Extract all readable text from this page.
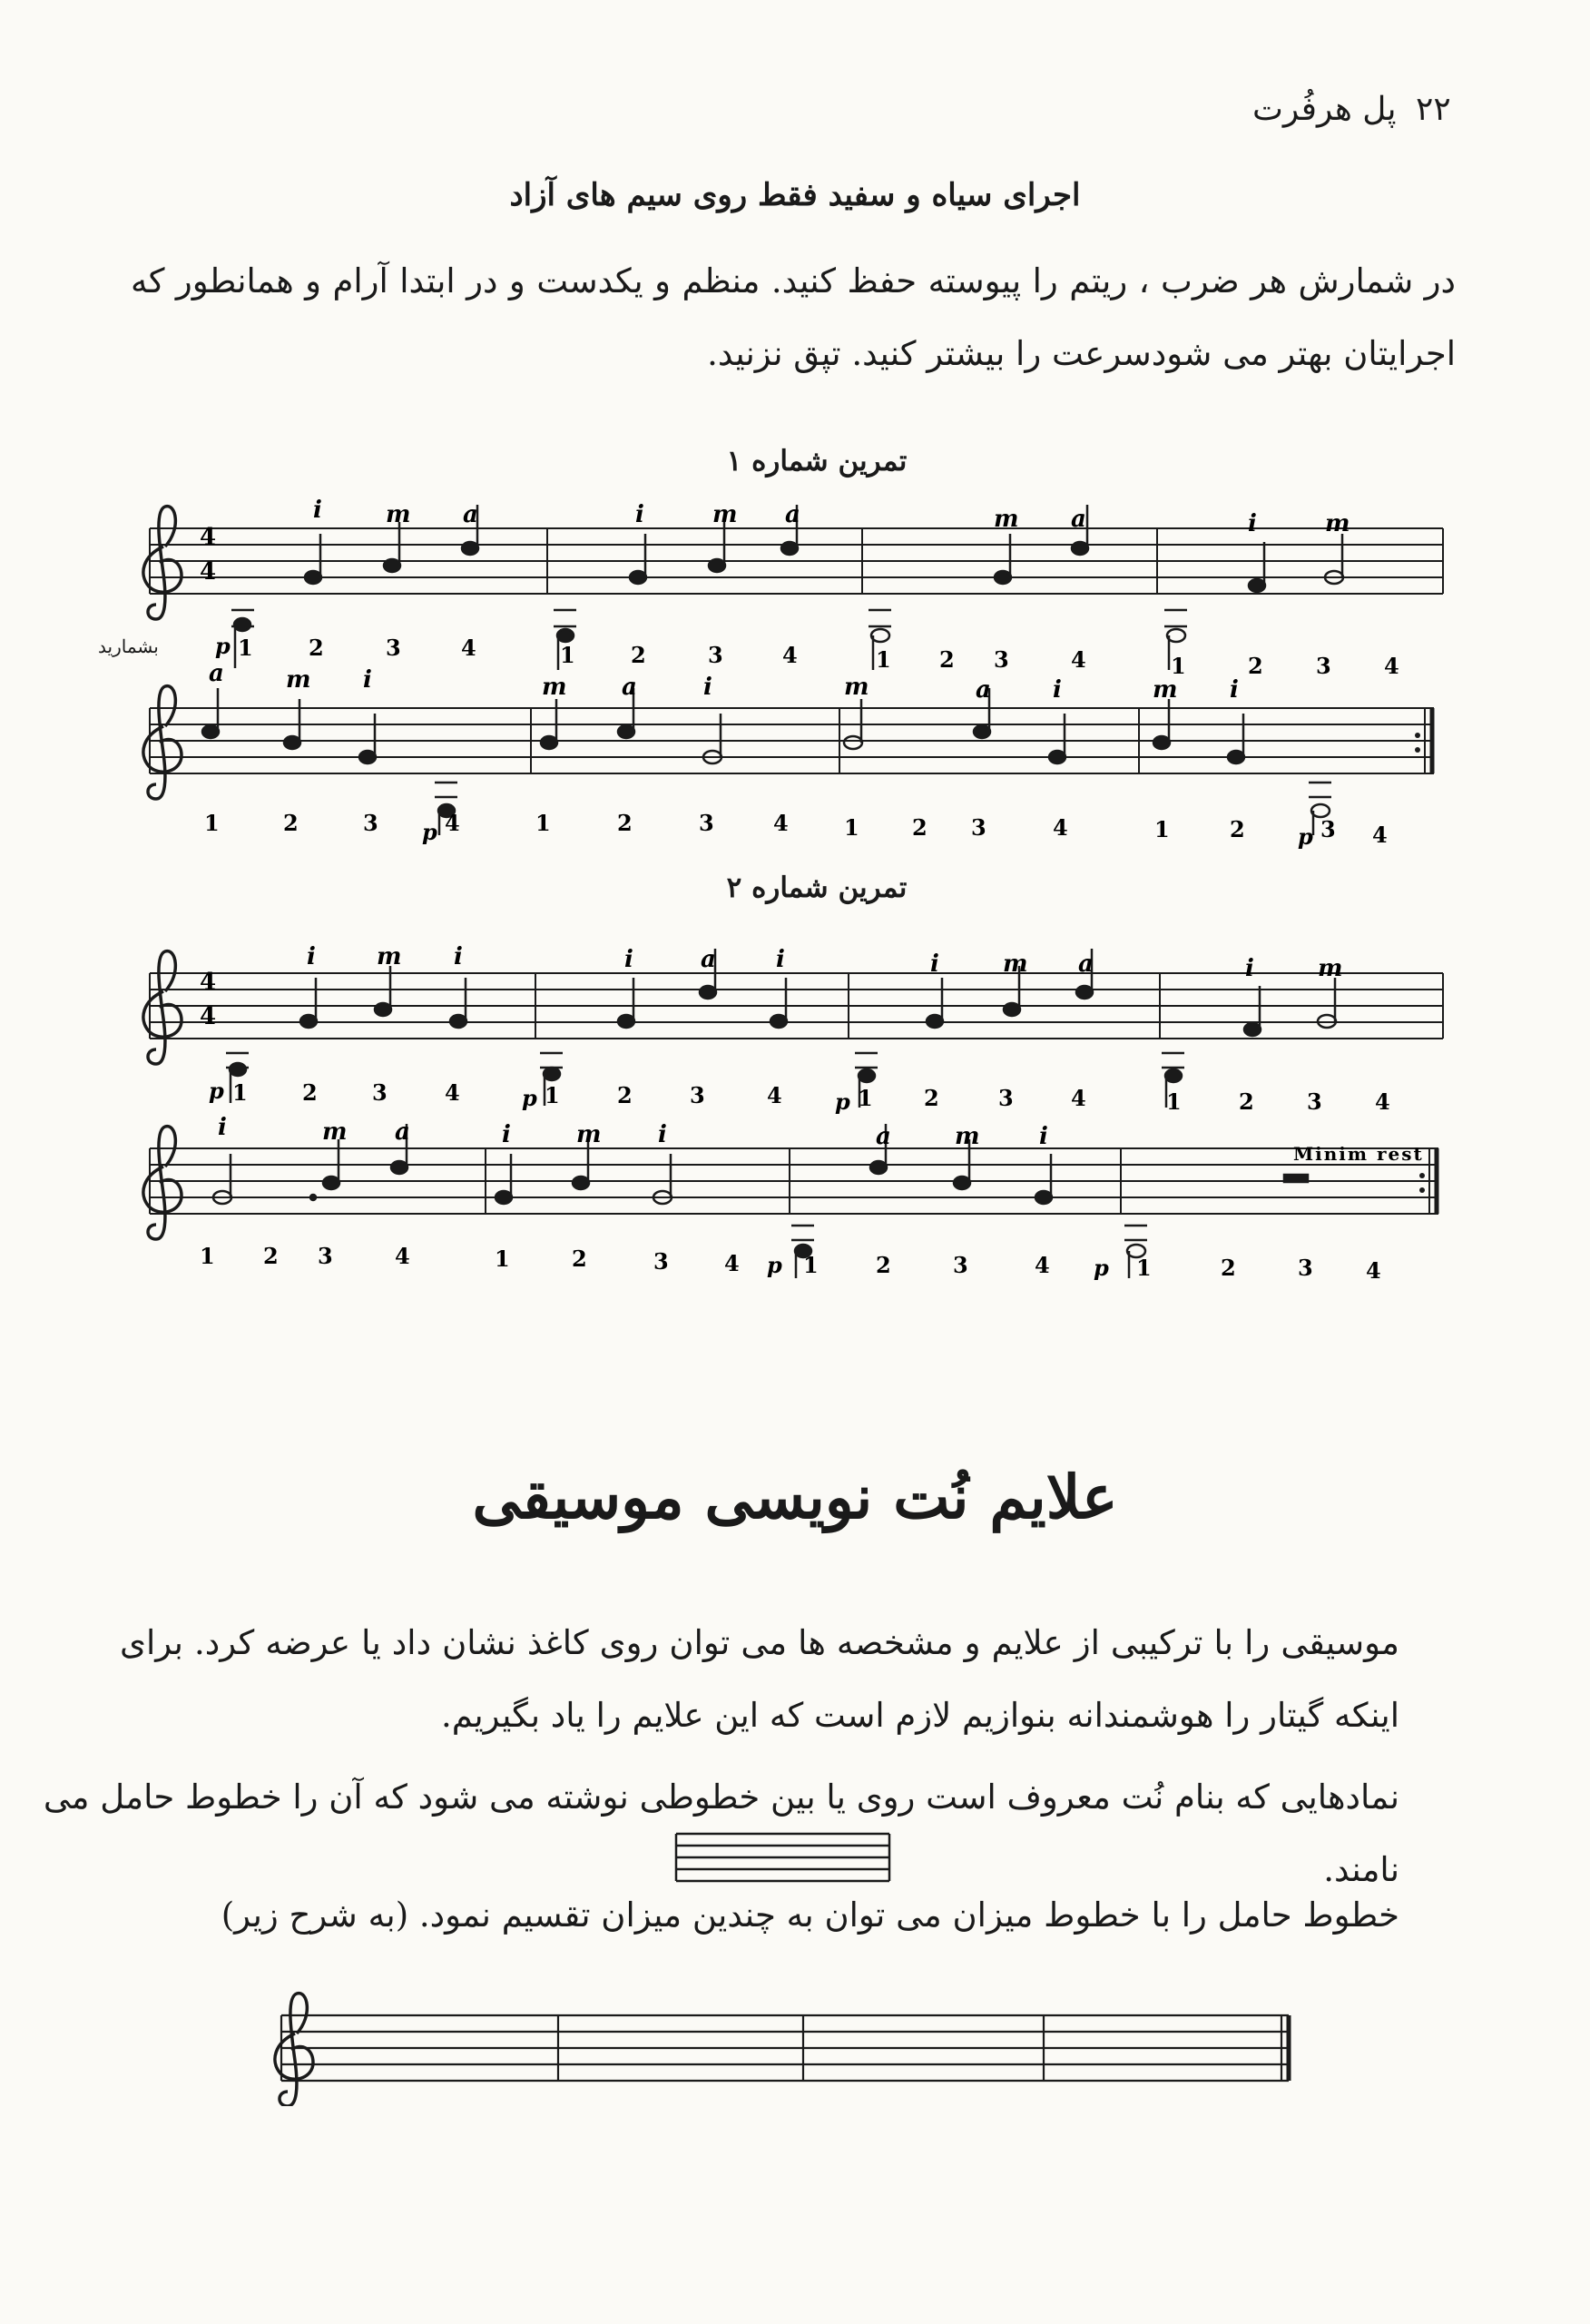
۲۲
پل هرفُرت
اجرای سیاه و سفید فقط روی سیم های آزاد
در شمارش هر ضرب ، ریتم را پیوسته حفظ کنید. منظم و یکدست و در ابتدا آرام و همانطور که اجرایتان بهتر می شودسرعت را بیشتر کنید. تپق نزنید.
تمرین شماره ۱
بشمارید
4
4
i	m a	i	m a	m a	i	m
p 1	2	3	4	1	2	3	4	1 2 3	4	1	2 3 4
a	m i	m a	i	m	a	i	m i
1	2	3 p 4	1	2	3	4	1 2 3	4	1	2 p 3 4
4
4
i	m i	i	a	i	i	m a	i	m
p 1	2	3	4	p 1	2	3	4 p 1 2	3	4	1	2 3 4
i	m a	i	m i	a	m	i
Minim rest
1 2 3	4	1	2	3	4 p 1	2	3	4 p 1	2	3 4
تمرین شماره ۲
علایم نُت نویسی موسیقی
موسیقی را با ترکیبی از علایم و مشخصه ها می توان روی کاغذ نشان داد یا عرضه کرد. برای اینکه گیتار را هوشمندانه بنوازیم لازم است که این علایم را یاد بگیریم.
نمادهایی که بنام نُت معروف است روی یا بین خطوطی نوشته می شود که آن را خطوط حامل می نامند.
خطوط حامل را با خطوط میزان می توان به چندین میزان تقسیم نمود. (به شرح زیر)
